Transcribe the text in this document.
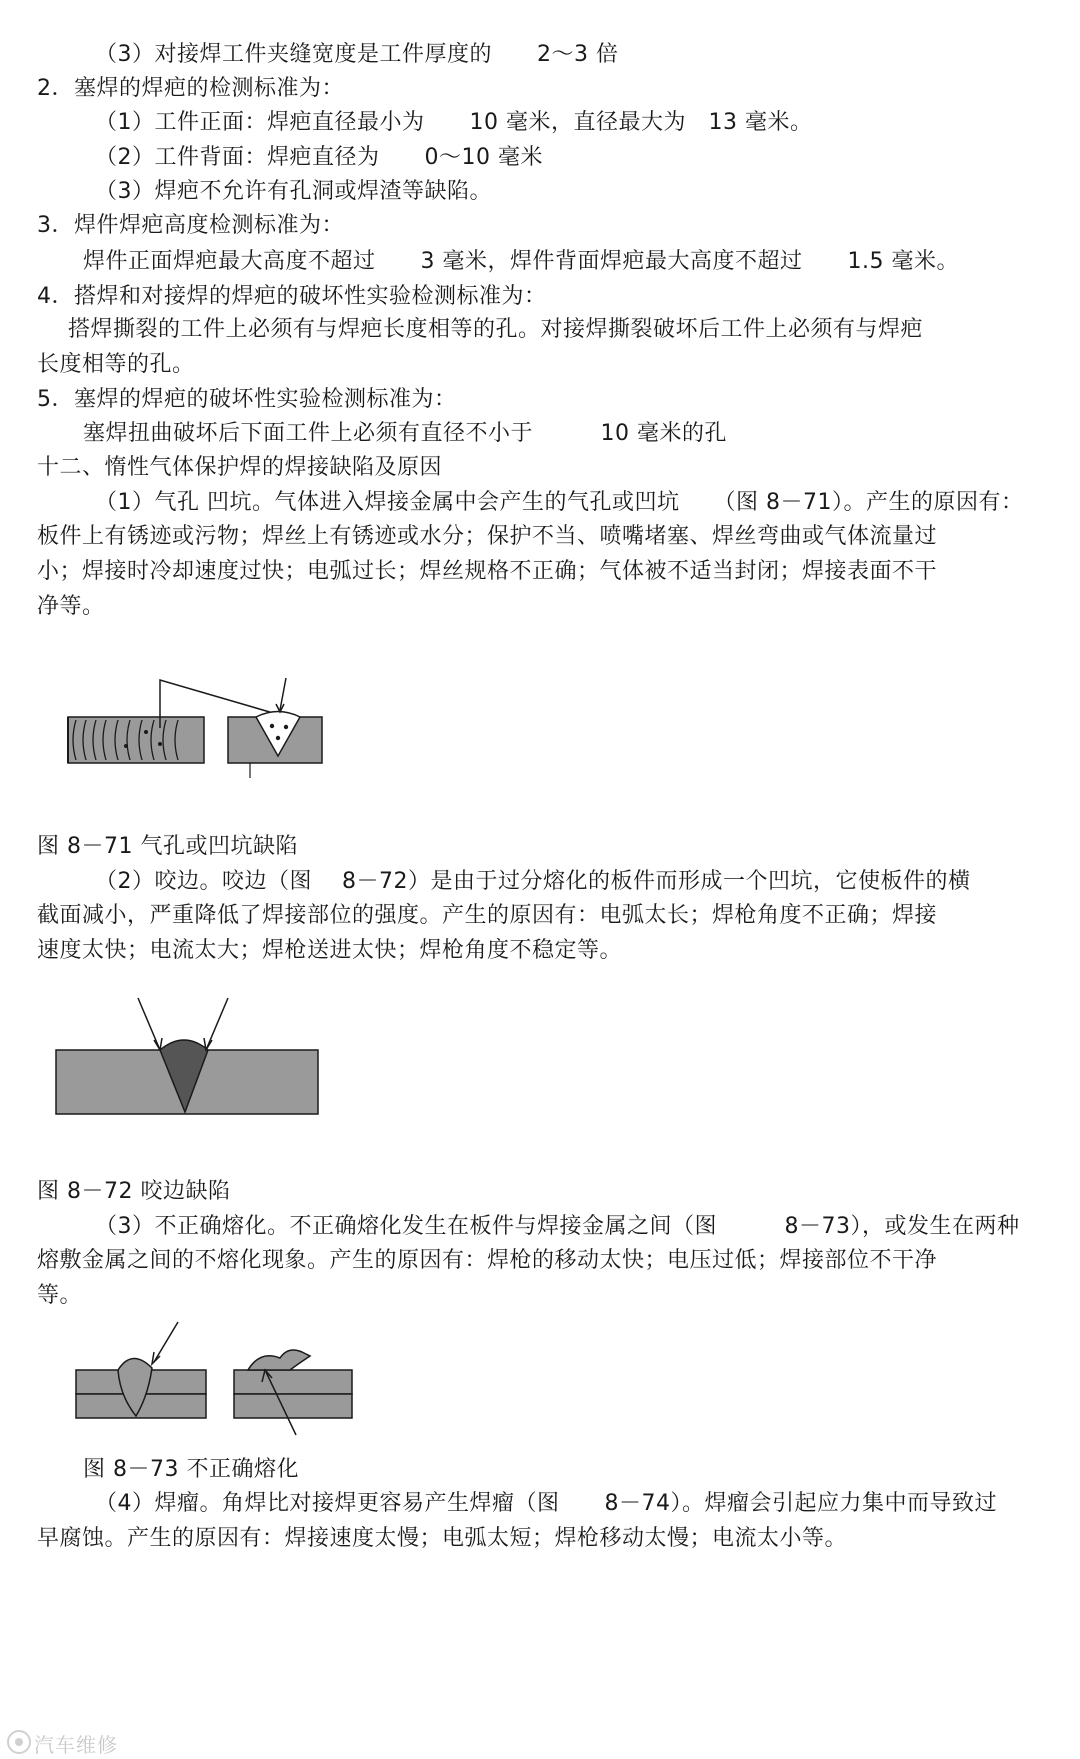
（3）对接焊工件夹缝宽度是工件厚度的　　2～3 倍
2．塞焊的焊疤的检测标准为：
（1）工件正面：焊疤直径最小为　　10 毫米，直径最大为　13 毫米。
（2）工件背面：焊疤直径为　　0～10 毫米
（3）焊疤不允许有孔洞或焊渣等缺陷。
3．焊件焊疤高度检测标准为：
焊件正面焊疤最大高度不超过　　3 毫米，焊件背面焊疤最大高度不超过　　1.5 毫米。
4．搭焊和对接焊的焊疤的破坏性实验检测标准为：
搭焊撕裂的工件上必须有与焊疤长度相等的孔。对接焊撕裂破坏后工件上必须有与焊疤
长度相等的孔。
5．塞焊的焊疤的破坏性实验检测标准为：
塞焊扭曲破坏后下面工件上必须有直径不小于　　　10 毫米的孔
十二、惰性气体保护焊的焊接缺陷及原因
（1）气孔 凹坑。气体进入焊接金属中会产生的气孔或凹坑　　（图 8－71）。产生的原因有：
板件上有锈迹或污物；焊丝上有锈迹或水分；保护不当、喷嘴堵塞、焊丝弯曲或气体流量过
小；焊接时冷却速度过快；电弧过长；焊丝规格不正确；气体被不适当封闭；焊接表面不干
净等。
图 8－71 气孔或凹坑缺陷
（2）咬边。咬边（图　 8－72）是由于过分熔化的板件而形成一个凹坑，它使板件的横
截面减小，严重降低了焊接部位的强度。产生的原因有：电弧太长；焊枪角度不正确；焊接
速度太快；电流太大；焊枪送进太快；焊枪角度不稳定等。
图 8－72 咬边缺陷
（3）不正确熔化。不正确熔化发生在板件与焊接金属之间（图　　　8－73），或发生在两种
熔敷金属之间的不熔化现象。产生的原因有：焊枪的移动太快；电压过低；焊接部位不干净
等。
图 8－73 不正确熔化
（4）焊瘤。角焊比对接焊更容易产生焊瘤（图　　8－74）。焊瘤会引起应力集中而导致过
早腐蚀。产生的原因有：焊接速度太慢；电弧太短；焊枪移动太慢；电流太小等。
汽车维修
